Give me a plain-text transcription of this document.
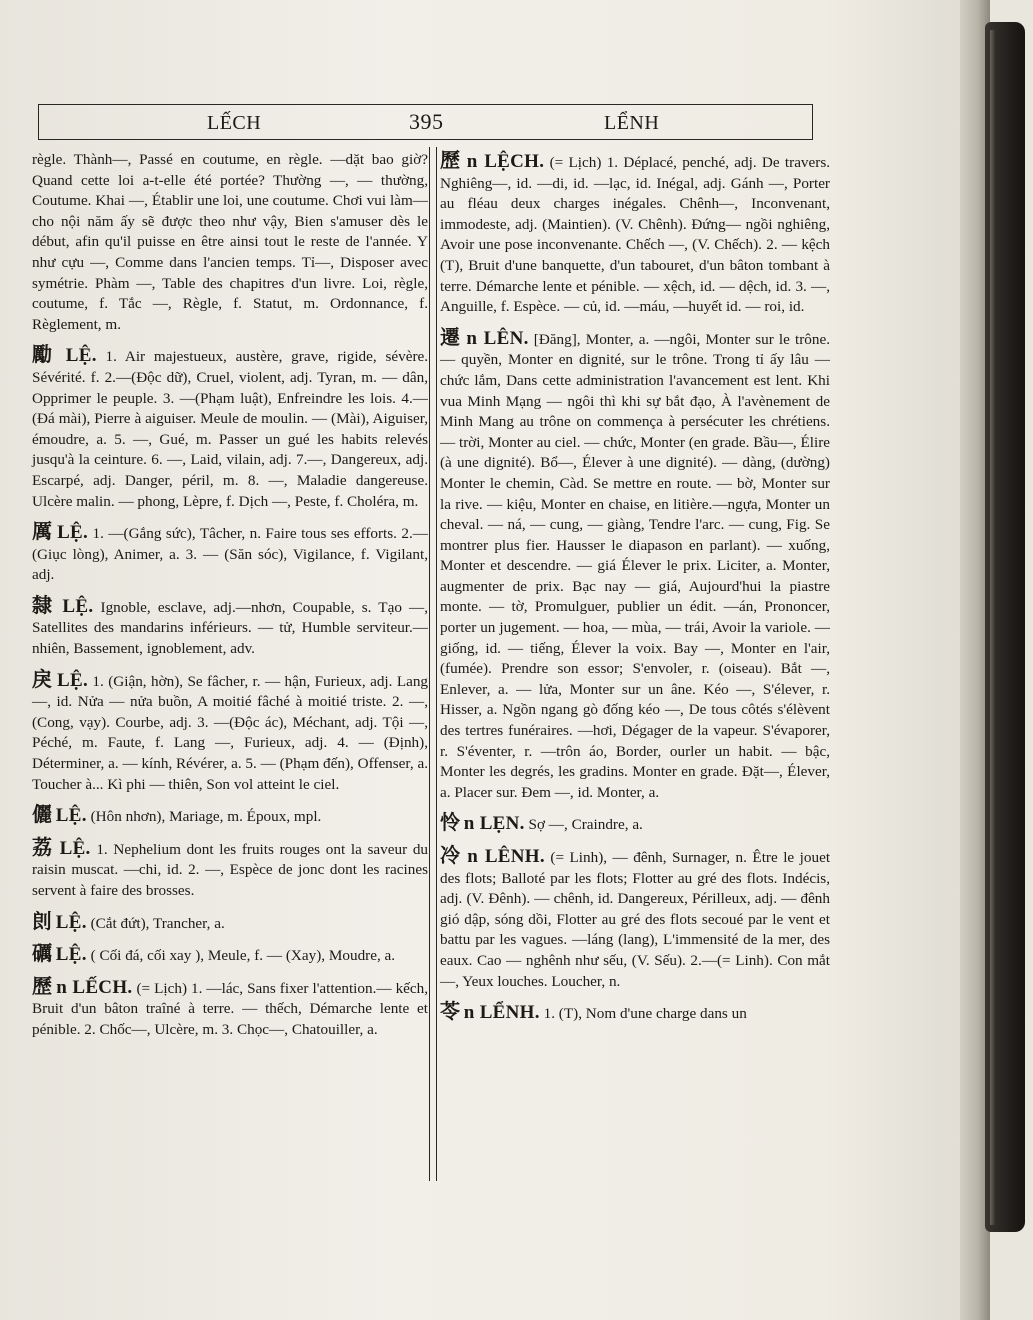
LẾCH	395	LỂNH

règle. Thành—, Passé en coutume, en règle. —dặt bao giờ? Quand cette loi a-t-elle été portée? Thường —, — thường, Coutume. Khai —, Établir une loi, une coutume. Chơi vui làm—cho nội năm ấy sẽ được theo như vậy, Bien s'amuser dès le début, afin qu'il puisse en être ainsi tout le reste de l'année. Y như cựu —, Comme dans l'ancien temps. Tỉ—, Disposer avec symétrie. Phàm —, Table des chapitres d'un livre. Loi, règle, coutume, f. Tắc —, Règle, f. Statut, m. Ordonnance, f. Règlement, m.

勵 LỆ. 1. Air majestueux, austère, grave, rigide, sévère. Sévérité. f. 2.—(Độc dữ), Cruel, violent, adj. Tyran, m. — dân, Opprimer le peuple. 3. —(Phạm luật), Enfreindre les lois. 4.—(Đá mài), Pierre à aiguiser. Meule de moulin. — (Mài), Aiguiser, émoudre, a. 5. —, Gué, m. Passer un gué les habits relevés jusqu'à la ceinture. 6. —, Laid, vilain, adj. 7.—, Dangereux, adj. Escarpé, adj. Danger, péril, m. 8. —, Maladie dangereuse. Ulcère malin. — phong, Lèpre, f. Dịch —, Peste, f. Choléra, m.

厲 LỆ. 1. —(Gắng sức), Tâcher, n. Faire tous ses efforts. 2.—(Giục lòng), Animer, a. 3. — (Săn sóc), Vigilance, f. Vigilant, adj.

隸 LỆ. Ignoble, esclave, adj.—nhơn, Coupable, s. Tạo —, Satellites des mandarins inférieurs. — tử, Humble serviteur.— nhiên, Bassement, ignoblement, adv.

戾 LỆ. 1. (Giận, hờn), Se fâcher, r. — hận, Furieux, adj. Lang —, id. Nửa — nửa buồn, A moitié fâché à moitié triste. 2. —, (Cong, vạy). Courbe, adj. 3. —(Độc ác), Méchant, adj. Tội —, Péché, m. Faute, f. Lang —, Furieux, adj. 4. — (Định), Déterminer, a. — kính, Révérer, a. 5. — (Phạm đến), Offenser, a. Toucher à... Kì phi — thiên, Son vol atteint le ciel.

儷 LỆ. (Hôn nhơn), Mariage, m. Époux, mpl.

荔 LỆ. 1. Nephelium dont les fruits rouges ont la saveur du raisin muscat. —chi, id. 2. —, Espèce de jonc dont les racines servent à faire des brosses.

剆 LỆ. (Cắt đứt), Trancher, a.

礪 LỆ. ( Cối đá, cối xay ), Meule, f. — (Xay), Moudre, a.

歷 n LẾCH. (= Lịch) 1. —lác, Sans fixer l'attention.— kếch, Bruit d'un bâton traîné à terre. — thếch, Démarche lente et pénible. 2. Chốc—, Ulcère, m. 3. Chọc—, Chatouiller, a.

歷 n LỆCH. (= Lịch) 1. Déplacé, penché, adj. De travers. Nghiêng—, id. —di, id. —lạc, id. Inégal, adj. Gánh —, Porter au fléau deux charges inégales. Chênh—, Inconvenant, immodeste, adj. (Maintien). (V. Chênh). Đứng— ngồi nghiêng, Avoir une pose inconvenante. Chếch —, (V. Chếch). 2. — kệch (T), Bruit d'une banquette, d'un tabouret, d'un bâton tombant à terre. Démarche lente et pénible. — xệch, id. — dệch, id. 3. —, Anguille, f. Espèce. — củ, id. —máu, —huyết id. — roi, id.

遷 n LÊN. [Đăng], Monter, a. —ngôi, Monter sur le trône. — quyền, Monter en dignité, sur le trône. Trong tỉ ấy lâu — chức lắm, Dans cette administration l'avancement est lent. Khi vua Minh Mạng — ngôi thì khi sự bắt đạo, À l'avènement de Minh Mang au trône on commença à persécuter les chrétiens. — trời, Monter au ciel. — chức, Monter (en grade. Bầu—, Élire (à une dignité). Bổ—, Élever à une dignité). — dàng, (dường) Monter le chemin, Càd. Se mettre en route. — bờ, Monter sur la rive. — kiệu, Monter en chaise, en litière.—ngựa, Monter un cheval. — ná, — cung, — giàng, Tendre l'arc. — cung, Fig. Se montrer plus fier. Hausser le diapason en parlant). — xuống, Monter et descendre. — giá Élever le prix. Liciter, a. Monter, augmenter de prix. Bạc nay — giá, Aujourd'hui la piastre monte. — tờ, Promulguer, publier un édit. —án, Prononcer, porter un jugement. — hoa, — mùa, — trái, Avoir la variole. — giống, id. — tiếng, Élever la voix. Bay —, Monter en l'air, (fumée). Prendre son essor; S'envoler, r. (oiseau). Bắt —, Enlever, a. — lửa, Monter sur un âne. Kéo —, S'élever, r. Hisser, a. Ngồn ngang gò đống kéo —, De tous côtés s'élèvent des tertres funéraires. —hơi, Dégager de la vapeur. S'évaporer, r. S'éventer, r. —trôn áo, Border, ourler un habit. — bậc, Monter les degrés, les gradins. Monter en grade. Đặt—, Élever, a. Placer sur. Đem —, id. Monter, a.

怜 n LẸN. Sợ —, Craindre, a.

冷 n LÊNH. (= Linh), — đênh, Surnager, n. Être le jouet des flots; Balloté par les flots; Flotter au gré des flots. Indécis, adj. (V. Đênh). — chênh, id. Dangereux, Périlleux, adj. — đênh gió dập, sóng dồi, Flotter au gré des flots secoué par le vent et battu par les vagues. —láng (lang), L'immensité de la mer, des eaux. Cao — nghênh như sếu, (V. Sếu). 2.—(= Linh). Con mắt—, Yeux louches. Loucher, n.

苓 n LỂNH. 1. (T), Nom d'une charge dans un
